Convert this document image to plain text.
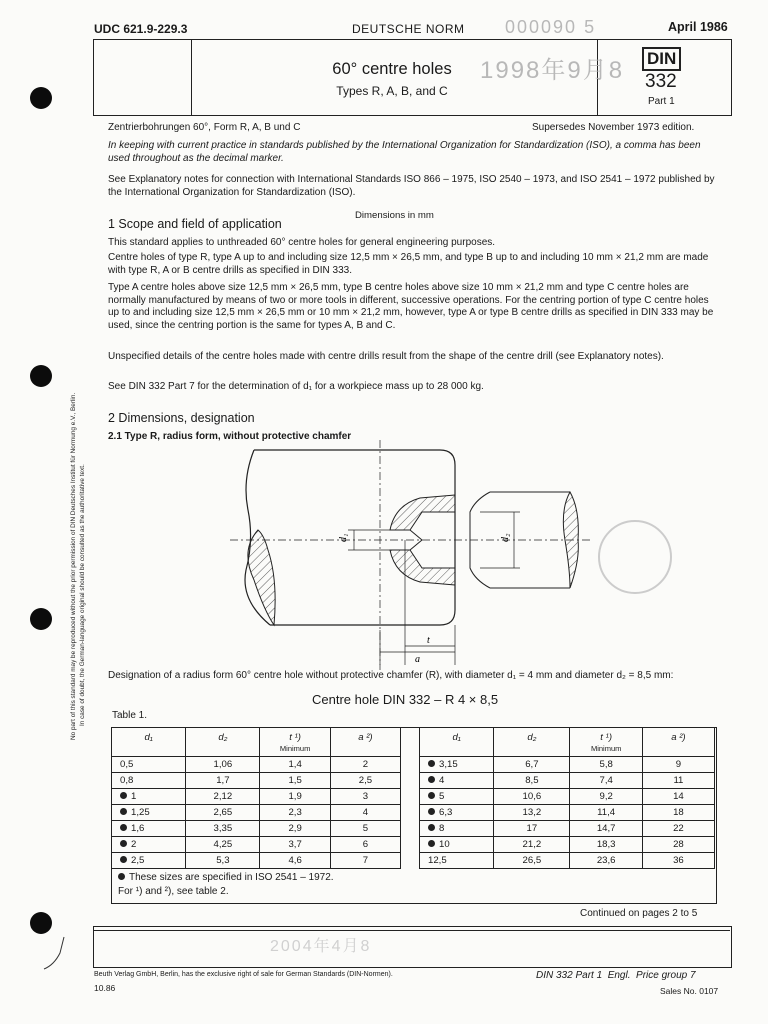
No part of this standard may be reproduced without the prior permission of DIN Deutsches Institut für Normung e.V., Berlin. In case of doubt, the German-language original should be consulted as the authoritative text.
UDC 621.9-229.3	DEUTSCHE NORM 000090 5	April 1986
60° centre holes
Types R, A, B, and C
1998年9月8 DIN
332
Part 1
Zentrierbohrungen 60°, Form R, A, B und C	Supersedes November 1973 edition.
In keeping with current practice in standards published by the International Organization for Standardization (ISO), a comma has been used throughout as the decimal marker.
See Explanatory notes for connection with International Standards ISO 866 – 1975, ISO 2540 – 1973, and ISO 2541 – 1972 published by the International Organization for Standardization (ISO).
1 Scope and field of application
Dimensions in mm
This standard applies to unthreaded 60° centre holes for general engineering purposes.
Centre holes of type R, type A up to and including size 12,5 mm × 26,5 mm, and type B up to and including 10 mm × 21,2 mm are made with type R, A or B centre drills as specified in DIN 333.
Type A centre holes above size 12,5 mm × 26,5 mm, type B centre holes above size 10 mm × 21,2 mm and type C centre holes are normally manufactured by means of two or more tools in different, successive operations. For the centring portion of type C centre holes up to and including size 12,5 mm × 26,5 mm or 10 mm × 21,2 mm, however, type A or type B centre drills as specified in DIN 333 may be used, since the centring portion is the same for types A, B and C.
Unspecified details of the centre holes made with centre drills result from the shape of the centre drill (see Explanatory notes).
See DIN 332 Part 7 for the determination of d₁ for a workpiece mass up to 28 000 kg.
2 Dimensions, designation
2.1 Type R, radius form, without protective chamfer
d₁	d₂
t
a
Designation of a radius form 60° centre hole without protective chamfer (R), with diameter d₁ = 4 mm and diameter d₂ = 8,5 mm:
Centre hole DIN 332 – R 4 × 8,5
Table 1.
d₁	d₂	t ¹)
Minimum	a ²)
0,5	1,06	1,4	2
0,8	1,7	1,5	2,5
1	2,12	1,9	3
1,25	2,65	2,3	4
1,6	3,35	2,9	5
2	4,25	3,7	6
2,5	5,3	4,6	7
d₁	d₂	t ¹)
Minimum	a ²)
3,15	6,7	5,8	9
4	8,5	7,4	11
5	10,6	9,2	14
6,3	13,2	11,4	18
8	17	14,7	22
10	21,2	18,3	28
12,5	26,5	23,6	36
These sizes are specified in ISO 2541 – 1972.
For ¹) and ²), see table 2.
Continued on pages 2 to 5
2004年4月8
Beuth Verlag GmbH, Berlin, has the exclusive right of sale for German Standards (DIN-Normen).
10.86
DIN 332 Part 1  Engl.  Price group 7
Sales No. 0107
